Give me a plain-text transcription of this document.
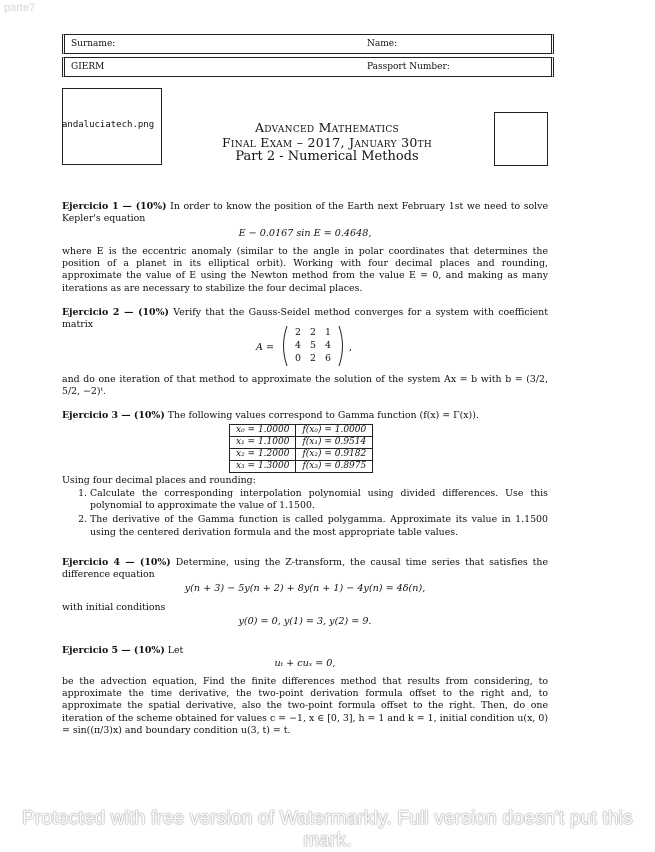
parte7
Surname:	Name:
GIERM	Passport Number:
andaluciatech.png	Advanced Mathematics
Final Exam – 2017, January 30th
Part 2 - Numerical Methods
Ejercicio 1 — (10%) In order to know the position of the Earth next February 1st we need to solve Kepler's equation
E − 0.0167 sin E = 0.4648,
where E is the eccentric anomaly (similar to the angle in polar coordinates that determines the position of a planet in its elliptical orbit). Working with four decimal places and rounding, approximate the value of E using the Newton method from the value E = 0, and making as many iterations as are necessary to stabilize the four decimal places.
Ejercicio 2 — (10%) Verify that the Gauss-Seidel method converges for a system with coefficient matrix
A =
2 2 1
4 5 4
0 2 6
,
and do one iteration of that method to approximate the solution of the system Ax = b with b = (3/2, 5/2, −2)ᵗ.
Ejercicio 3 — (10%) The following values correspond to Gamma function (f(x) = Γ(x)).
x₀ = 1.0000	f(x₀) = 1.0000
x₁ = 1.1000	f(x₁) = 0.9514
x₂ = 1.2000	f(x₂) = 0.9182
x₃ = 1.3000	f(x₃) = 0.8975
Using four decimal places and rounding:
1. Calculate the corresponding interpolation polynomial using divided differences. Use this polynomial to approximate the value of 1.1500.
2. The derivative of the Gamma function is called polygamma. Approximate its value in 1.1500 using the centered derivation formula and the most appropriate table values.
Ejercicio 4 — (10%) Determine, using the Z-transform, the causal time series that satisfies the difference equation
y(n + 3) − 5y(n + 2) + 8y(n + 1) − 4y(n) = 4δ(n),
with initial conditions
y(0) = 0, y(1) = 3, y(2) = 9.
Ejercicio 5 — (10%) Let
uₜ + cuₓ = 0,
be the advection equation, Find the finite differences method that results from considering, to approximate the time derivative, the two-point derivation formula offset to the right and, to approximate the spatial derivative, also the two-point formula offset to the right. Then, do one iteration of the scheme obtained for values c = −1, x ∈ [0, 3], h = 1 and k = 1, initial condition u(x, 0) = sin((π/3)x) and boundary condition u(3, t) = t.
Protected with free version of Watermarkly. Full version doesn't put this mark.
